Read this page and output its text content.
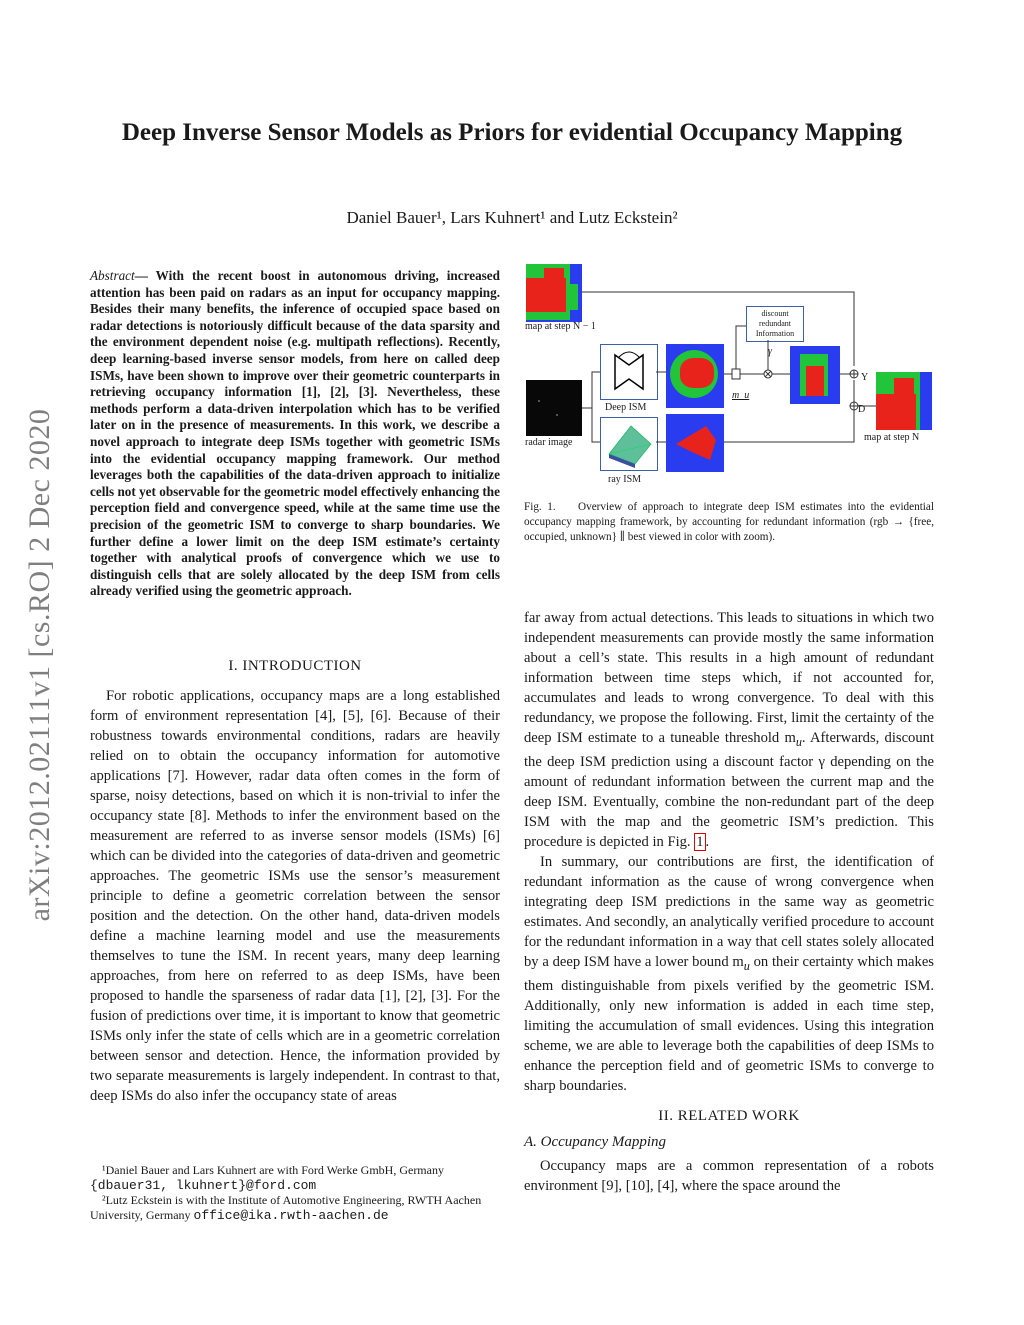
arXiv:2012.02111v1 [cs.RO] 2 Dec 2020
Deep Inverse Sensor Models as Priors for evidential Occupancy Mapping
Daniel Bauer¹, Lars Kuhnert¹ and Lutz Eckstein²
Abstract— With the recent boost in autonomous driving, increased attention has been paid on radars as an input for occupancy mapping. Besides their many benefits, the inference of occupied space based on radar detections is notoriously difficult because of the data sparsity and the environment dependent noise (e.g. multipath reflections). Recently, deep learning-based inverse sensor models, from here on called deep ISMs, have been shown to improve over their geometric counterparts in retrieving occupancy information [1], [2], [3]. Nevertheless, these methods perform a data-driven interpolation which has to be verified later on in the presence of measurements. In this work, we describe a novel approach to integrate deep ISMs together with geometric ISMs into the evidential occupancy mapping framework. Our method leverages both the capabilities of the data-driven approach to initialize cells not yet observable for the geometric model effectively enhancing the perception field and convergence speed, while at the same time use the precision of the geometric ISM to converge to sharp boundaries. We further define a lower limit on the deep ISM estimate’s certainty together with analytical proofs of convergence which we use to distinguish cells that are solely allocated by the deep ISM from cells already verified using the geometric approach.

I. INTRODUCTION

For robotic applications, occupancy maps are a long established form of environment representation [4], [5], [6]. Because of their robustness towards environmental conditions, radars are heavily relied on to obtain the occupancy information for automotive applications [7]. However, radar data often comes in the form of sparse, noisy detections, based on which it is non-trivial to infer the occupancy state [8]. Methods to infer the environment based on the measurement are referred to as inverse sensor models (ISMs) [6] which can be divided into the categories of data-driven and geometric approaches. The geometric ISMs use the sensor’s measurement principle to define a geometric correlation between the sensor position and the detection. On the other hand, data-driven models define a machine learning model and use the measurements themselves to tune the ISM. In recent years, many deep learning approaches, from here on referred to as deep ISMs, have been proposed to handle the sparseness of radar data [1], [2], [3]. For the fusion of predictions over time, it is important to know that geometric ISMs only infer the state of cells which are in a geometric correlation between sensor and detection. Hence, the information provided by two separate measurements is largely independent. In contrast to that, deep ISMs do also infer the occupancy state of areas

¹Daniel Bauer and Lars Kuhnert are with Ford Werke GmbH, Germany
{dbauer31, lkuhnert}@ford.com
²Lutz Eckstein is with the Institute of Automotive Engineering, RWTH Aachen University, Germany office@ika.rwth-aachen.de
map at step N − 1
radar image
Deep ISM
ray ISM
discount
redundant
Information
γ
m_u
map at step N
Y
D
Fig. 1. Overview of approach to integrate deep ISM estimates into the evidential occupancy mapping framework, by accounting for redundant information (rgb → {free, occupied, unknown} ∥ best viewed in color with zoom).

far away from actual detections. This leads to situations in which two independent measurements can provide mostly the same information about a cell’s state. This results in a high amount of redundant information between time steps which, if not accounted for, accumulates and leads to wrong convergence. To deal with this redundancy, we propose the following. First, limit the certainty of the deep ISM estimate to a tuneable threshold $m_u$. Afterwards, discount the deep ISM prediction using a discount factor γ depending on the amount of redundant information between the current map and the deep ISM. Eventually, combine the non-redundant part of the deep ISM with the map and the geometric ISM’s prediction. This procedure is depicted in Fig. 1 .

In summary, our contributions are first, the identification of redundant information as the cause of wrong convergence when integrating deep ISM predictions in the same way as geometric estimates. And secondly, an analytically verified procedure to account for the redundant information in a way that cell states solely allocated by a deep ISM have a lower bound $m_u$ on their certainty which makes them distinguishable from pixels verified by the geometric ISM. Additionally, only new information is added in each time step, limiting the accumulation of small evidences. Using this integration scheme, we are able to leverage both the capabilities of deep ISMs to enhance the perception field and of geometric ISMs to converge to sharp boundaries.

II. RELATED WORK

A. Occupancy Mapping

Occupancy maps are a common representation of a robots environment [9], [10], [4], where the space around the
